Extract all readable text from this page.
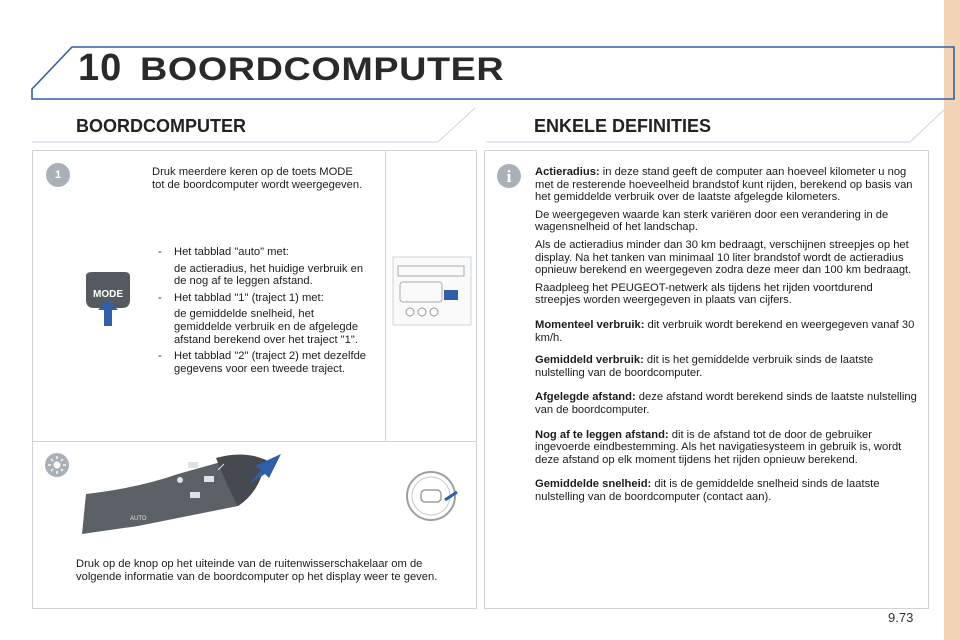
10 BOORDCOMPUTER
BOORDCOMPUTER	ENKELE DEFINITIES
1
MODE
Druk meerdere keren op de toets MODE tot de boordcomputer wordt weergegeven.
- Het tabblad "auto" met:
de actieradius, het huidige verbruik en de nog af te leggen afstand.
- Het tabblad "1" (traject 1) met:
de gemiddelde snelheid, het gemiddelde verbruik en de afgelegde afstand berekend over het traject "1".
- Het tabblad "2" (traject 2) met dezelfde gegevens voor een tweede traject.
AUTO
Druk op de knop op het uiteinde van de ruitenwisserschakelaar om de volgende informatie van de boordcomputer op het display weer te geven.
i Actieradius: in deze stand geeft de computer aan hoeveel kilometer u nog met de resterende hoeveelheid brandstof kunt rijden, berekend op basis van het gemiddelde verbruik over de laatste afgelegde kilometers.

De weergegeven waarde kan sterk variëren door een verandering in de wagensnelheid of het landschap.

Als de actieradius minder dan 30 km bedraagt, verschijnen streepjes op het display. Na het tanken van minimaal 10 liter brandstof wordt de actieradius opnieuw berekend en weergegeven zodra deze meer dan 100 km bedraagt.

Raadpleeg het PEUGEOT-netwerk als tijdens het rijden voortdurend streepjes worden weergegeven in plaats van cijfers.

Momenteel verbruik: dit verbruik wordt berekend en weergegeven vanaf 30 km/h.

Gemiddeld verbruik: dit is het gemiddelde verbruik sinds de laatste nulstelling van de boordcomputer.

Afgelegde afstand: deze afstand wordt berekend sinds de laatste nulstelling van de boordcomputer.

Nog af te leggen afstand: dit is de afstand tot de door de gebruiker ingevoerde eindbestemming. Als het navigatiesysteem in gebruik is, wordt deze afstand op elk moment tijdens het rijden opnieuw berekend.

Gemiddelde snelheid: dit is de gemiddelde snelheid sinds de laatste nulstelling van de boordcomputer (contact aan).

9.73
